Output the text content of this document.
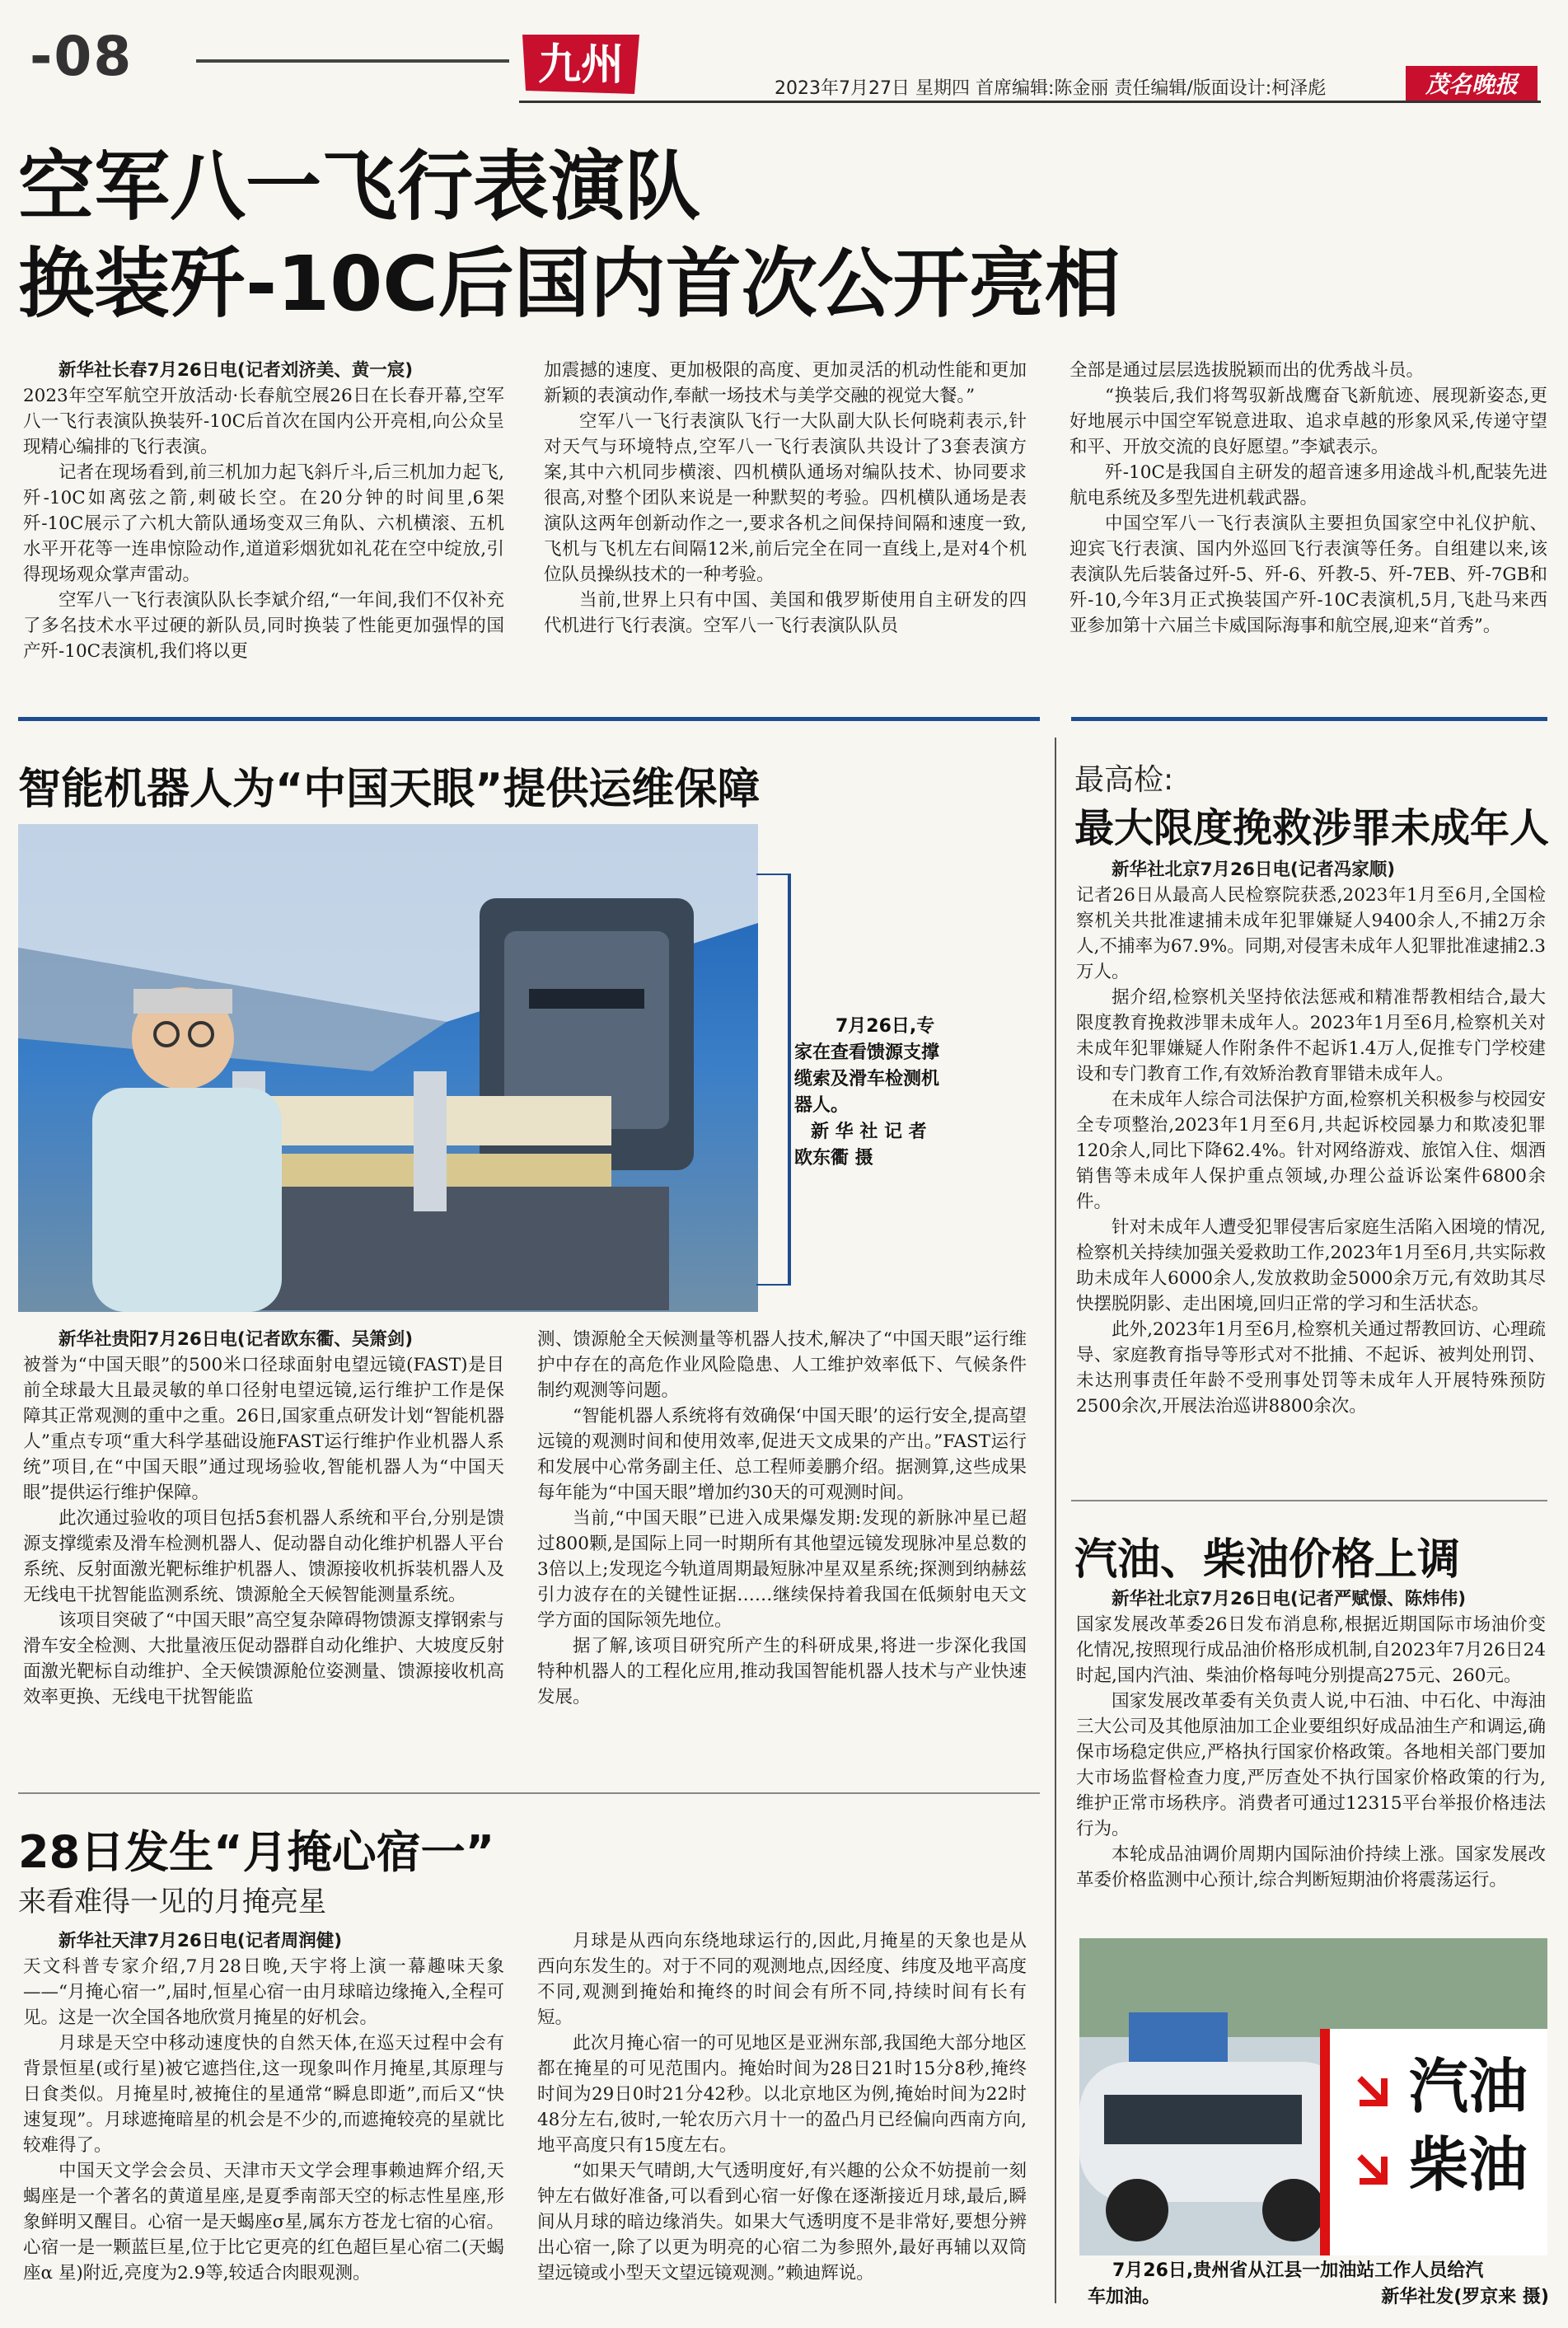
-08	九州	2023年7月27日 星期四 首席编辑:陈金丽 责任编辑/版面设计:柯泽彪	茂名晚报
空军八一飞行表演队
换装歼-10C后国内首次公开亮相

新华社长春7月26日电(记者刘济美、黄一宸)

2023年空军航空开放活动·长春航空展26日在长春开幕,空军八一飞行表演队换装歼-10C后首次在国内公开亮相,向公众呈现精心编排的飞行表演。

记者在现场看到,前三机加力起飞斜斤斗,后三机加力起飞,歼-10C如离弦之箭,刺破长空。在20分钟的时间里,6架歼-10C展示了六机大箭队通场变双三角队、六机横滚、五机水平开花等一连串惊险动作,道道彩烟犹如礼花在空中绽放,引得现场观众掌声雷动。

空军八一飞行表演队队长李斌介绍,“一年间,我们不仅补充了多名技术水平过硬的新队员,同时换装了性能更加强悍的国产歼-10C表演机,我们将以更

加震撼的速度、更加极限的高度、更加灵活的机动性能和更加新颖的表演动作,奉献一场技术与美学交融的视觉大餐。”

空军八一飞行表演队飞行一大队副大队长何晓莉表示,针对天气与环境特点,空军八一飞行表演队共设计了3套表演方案,其中六机同步横滚、四机横队通场对编队技术、协同要求很高,对整个团队来说是一种默契的考验。四机横队通场是表演队这两年创新动作之一,要求各机之间保持间隔和速度一致,飞机与飞机左右间隔12米,前后完全在同一直线上,是对4个机位队员操纵技术的一种考验。

当前,世界上只有中国、美国和俄罗斯使用自主研发的四代机进行飞行表演。空军八一飞行表演队队员

全部是通过层层选拔脱颖而出的优秀战斗员。

“换装后,我们将驾驭新战鹰奋飞新航迹、展现新姿态,更好地展示中国空军锐意进取、追求卓越的形象风采,传递守望和平、开放交流的良好愿望。”李斌表示。

歼-10C是我国自主研发的超音速多用途战斗机,配装先进航电系统及多型先进机载武器。

中国空军八一飞行表演队主要担负国家空中礼仪护航、迎宾飞行表演、国内外巡回飞行表演等任务。自组建以来,该表演队先后装备过歼-5、歼-6、歼教-5、歼-7EB、歼-7GB和歼-10,今年3月正式换装国产歼-10C表演机,5月,飞赴马来西亚参加第十六届兰卡威国际海事和航空展,迎来“首秀”。

智能机器人为“中国天眼”提供运维保障
7月26日,专
家在查看馈源支撑
缆索及滑车检测机
器人。
新 华 社 记 者
欧东衢 摄

新华社贵阳7月26日电(记者欧东衢、吴箫剑)

被誉为“中国天眼”的500米口径球面射电望远镜(FAST)是目前全球最大且最灵敏的单口径射电望远镜,运行维护工作是保障其正常观测的重中之重。26日,国家重点研发计划“智能机器人”重点专项“重大科学基础设施FAST运行维护作业机器人系统”项目,在“中国天眼”通过现场验收,智能机器人为“中国天眼”提供运行维护保障。

此次通过验收的项目包括5套机器人系统和平台,分别是馈源支撑缆索及滑车检测机器人、促动器自动化维护机器人平台系统、反射面激光靶标维护机器人、馈源接收机拆装机器人及无线电干扰智能监测系统、馈源舱全天候智能测量系统。

该项目突破了“中国天眼”高空复杂障碍物馈源支撑钢索与滑车安全检测、大批量液压促动器群自动化维护、大坡度反射面激光靶标自动维护、全天候馈源舱位姿测量、馈源接收机高效率更换、无线电干扰智能监

测、馈源舱全天候测量等机器人技术,解决了“中国天眼”运行维护中存在的高危作业风险隐患、人工维护效率低下、气候条件制约观测等问题。

“智能机器人系统将有效确保‘中国天眼’的运行安全,提高望远镜的观测时间和使用效率,促进天文成果的产出。”FAST运行和发展中心常务副主任、总工程师姜鹏介绍。据测算,这些成果每年能为“中国天眼”增加约30天的可观测时间。

当前,“中国天眼”已进入成果爆发期:发现的新脉冲星已超过800颗,是国际上同一时期所有其他望远镜发现脉冲星总数的3倍以上;发现迄今轨道周期最短脉冲星双星系统;探测到纳赫兹引力波存在的关键性证据……继续保持着我国在低频射电天文学方面的国际领先地位。

据了解,该项目研究所产生的科研成果,将进一步深化我国特种机器人的工程化应用,推动我国智能机器人技术与产业快速发展。

28日发生“月掩心宿一”
来看难得一见的月掩亮星

新华社天津7月26日电(记者周润健)

天文科普专家介绍,7月28日晚,天宇将上演一幕趣味天象——“月掩心宿一”,届时,恒星心宿一由月球暗边缘掩入,全程可见。这是一次全国各地欣赏月掩星的好机会。

月球是天空中移动速度快的自然天体,在巡天过程中会有背景恒星(或行星)被它遮挡住,这一现象叫作月掩星,其原理与日食类似。月掩星时,被掩住的星通常“瞬息即逝”,而后又“快速复现”。月球遮掩暗星的机会是不少的,而遮掩较亮的星就比较难得了。

中国天文学会会员、天津市天文学会理事赖迪辉介绍,天蝎座是一个著名的黄道星座,是夏季南部天空的标志性星座,形象鲜明又醒目。心宿一是天蝎座σ星,属东方苍龙七宿的心宿。心宿一是一颗蓝巨星,位于比它更亮的红色超巨星心宿二(天蝎座α 星)附近,亮度为2.9等,较适合肉眼观测。

月球是从西向东绕地球运行的,因此,月掩星的天象也是从西向东发生的。对于不同的观测地点,因经度、纬度及地平高度不同,观测到掩始和掩终的时间会有所不同,持续时间有长有短。

此次月掩心宿一的可见地区是亚洲东部,我国绝大部分地区都在掩星的可见范围内。掩始时间为28日21时15分8秒,掩终时间为29日0时21分42秒。以北京地区为例,掩始时间为22时48分左右,彼时,一轮农历六月十一的盈凸月已经偏向西南方向,地平高度只有15度左右。

“如果天气晴朗,大气透明度好,有兴趣的公众不妨提前一刻钟左右做好准备,可以看到心宿一好像在逐渐接近月球,最后,瞬间从月球的暗边缘消失。如果大气透明度不是非常好,要想分辨出心宿一,除了以更为明亮的心宿二为参照外,最好再辅以双筒望远镜或小型天文望远镜观测。”赖迪辉说。

最高检:
最大限度挽救涉罪未成年人

新华社北京7月26日电(记者冯家顺)

记者26日从最高人民检察院获悉,2023年1月至6月,全国检察机关共批准逮捕未成年犯罪嫌疑人9400余人,不捕2万余人,不捕率为67.9%。同期,对侵害未成年人犯罪批准逮捕2.3万人。

据介绍,检察机关坚持依法惩戒和精准帮教相结合,最大限度教育挽救涉罪未成年人。2023年1月至6月,检察机关对未成年犯罪嫌疑人作附条件不起诉1.4万人,促推专门学校建设和专门教育工作,有效矫治教育罪错未成年人。

在未成年人综合司法保护方面,检察机关积极参与校园安全专项整治,2023年1月至6月,共起诉校园暴力和欺凌犯罪120余人,同比下降62.4%。针对网络游戏、旅馆入住、烟酒销售等未成年人保护重点领域,办理公益诉讼案件6800余件。

针对未成年人遭受犯罪侵害后家庭生活陷入困境的情况,检察机关持续加强关爱救助工作,2023年1月至6月,共实际救助未成年人6000余人,发放救助金5000余万元,有效助其尽快摆脱阴影、走出困境,回归正常的学习和生活状态。

此外,2023年1月至6月,检察机关通过帮教回访、心理疏导、家庭教育指导等形式对不批捕、不起诉、被判处刑罚、未达刑事责任年龄不受刑事处罚等未成年人开展特殊预防2500余次,开展法治巡讲8800余次。

汽油、柴油价格上调

新华社北京7月26日电(记者严赋憬、陈炜伟)

国家发展改革委26日发布消息称,根据近期国际市场油价变化情况,按照现行成品油价格形成机制,自2023年7月26日24时起,国内汽油、柴油价格每吨分别提高275元、260元。

国家发展改革委有关负责人说,中石油、中石化、中海油三大公司及其他原油加工企业要组织好成品油生产和调运,确保市场稳定供应,严格执行国家价格政策。各地相关部门要加大市场监督检查力度,严厉查处不执行国家价格政策的行为,维护正常市场秩序。消费者可通过12315平台举报价格违法行为。

本轮成品油调价周期内国际油价持续上涨。国家发展改革委价格监测中心预计,综合判断短期油价将震荡运行。

汽油
柴油
7月26日,贵州省从江县一加油站工作人员给汽
车加油。	新华社发(罗京来 摄)
